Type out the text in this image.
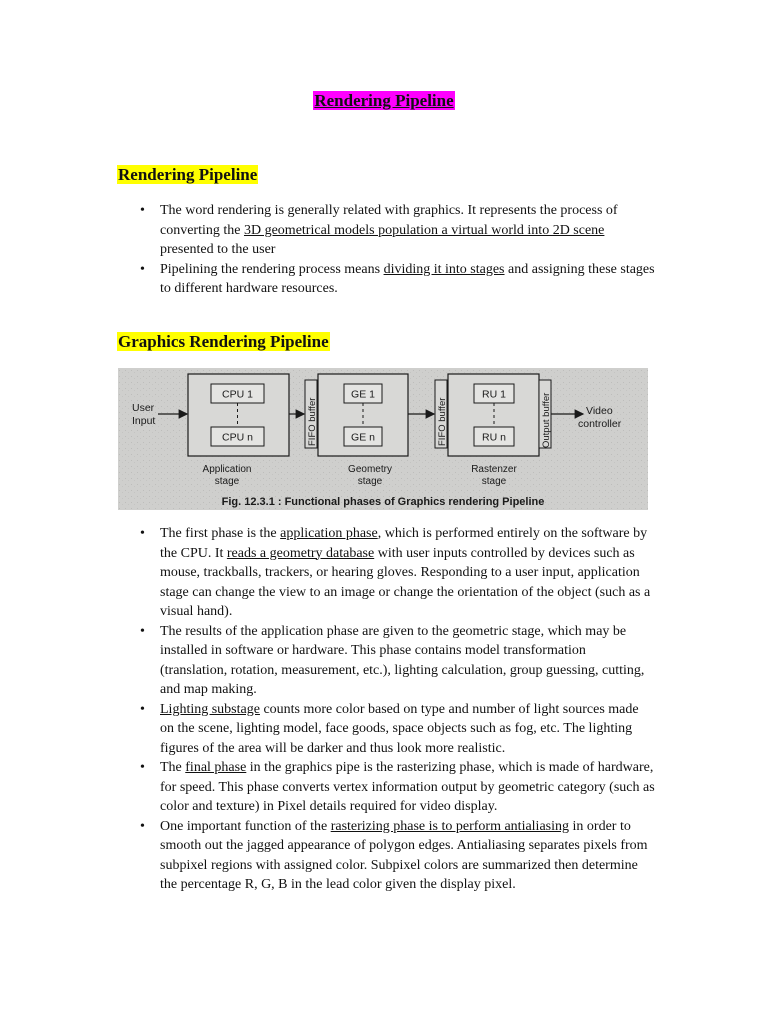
Rendering Pipeline
Rendering Pipeline
• The word rendering is generally related with graphics. It represents the process of converting the 3D geometrical models population a virtual world into 2D scene presented to the user
• Pipelining the rendering process means dividing it into stages and assigning these stages to different hardware resources.
Graphics Rendering Pipeline
User
Input
CPU 1
CPU n
Application
stage
FIFO buffer
GE 1
GE n
Geometry
stage
FIFO buffer
RU 1
RU n
Rastenzer
stage
Output buffer	Video
controller
Fig. 12.3.1 : Functional phases of Graphics rendering Pipeline
• The first phase is the application phase, which is performed entirely on the software by the CPU. It reads a geometry database with user inputs controlled by devices such as mouse, trackballs, trackers, or hearing gloves. Responding to a user input, application stage can change the view to an image or change the orientation of the object (such as a visual hand).
• The results of the application phase are given to the geometric stage, which may be installed in software or hardware. This phase contains model transformation (translation, rotation, measurement, etc.), lighting calculation, group guessing, cutting, and map making.
• Lighting substage counts more color based on type and number of light sources made on the scene, lighting model, face goods, space objects such as fog, etc. The lighting figures of the area will be darker and thus look more realistic.
• The final phase in the graphics pipe is the rasterizing phase, which is made of hardware, for speed. This phase converts vertex information output by geometric category (such as color and texture) in Pixel details required for video display.
• One important function of the rasterizing phase is to perform antialiasing in order to smooth out the jagged appearance of polygon edges. Antialiasing separates pixels from subpixel regions with assigned color. Subpixel colors are summarized then determine the percentage R, G, B in the lead color given the display pixel.
